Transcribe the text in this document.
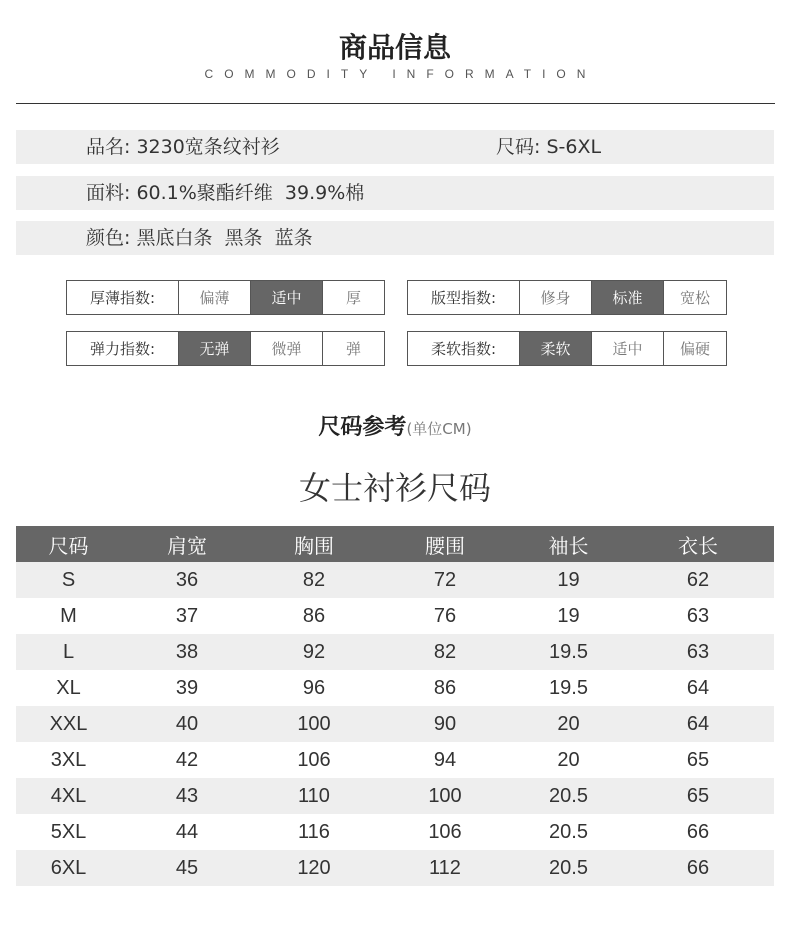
商品信息
COMMODITY INFORMATION
品名: 3230宽条纹衬衫	尺码: S-6XL
面料: 60.1%聚酯纤维  39.9%棉
颜色: 黑底白条  黑条  蓝条
厚薄指数:	偏薄	适中	厚	版型指数:	修身	标准	宽松
弹力指数:	无弹	微弹	弹	柔软指数:	柔软	适中	偏硬
尺码参考(单位CM)
女士衬衫尺码
尺码	肩宽	胸围	腰围	袖长	衣长
S	36	82	72	19	62
M	37	86	76	19	63
L	38	92	82	19.5	63
XL	39	96	86	19.5	64
XXL	40	100	90	20	64
3XL	42	106	94	20	65
4XL	43	110	100	20.5	65
5XL	44	116	106	20.5	66
6XL	45	120	112	20.5	66
